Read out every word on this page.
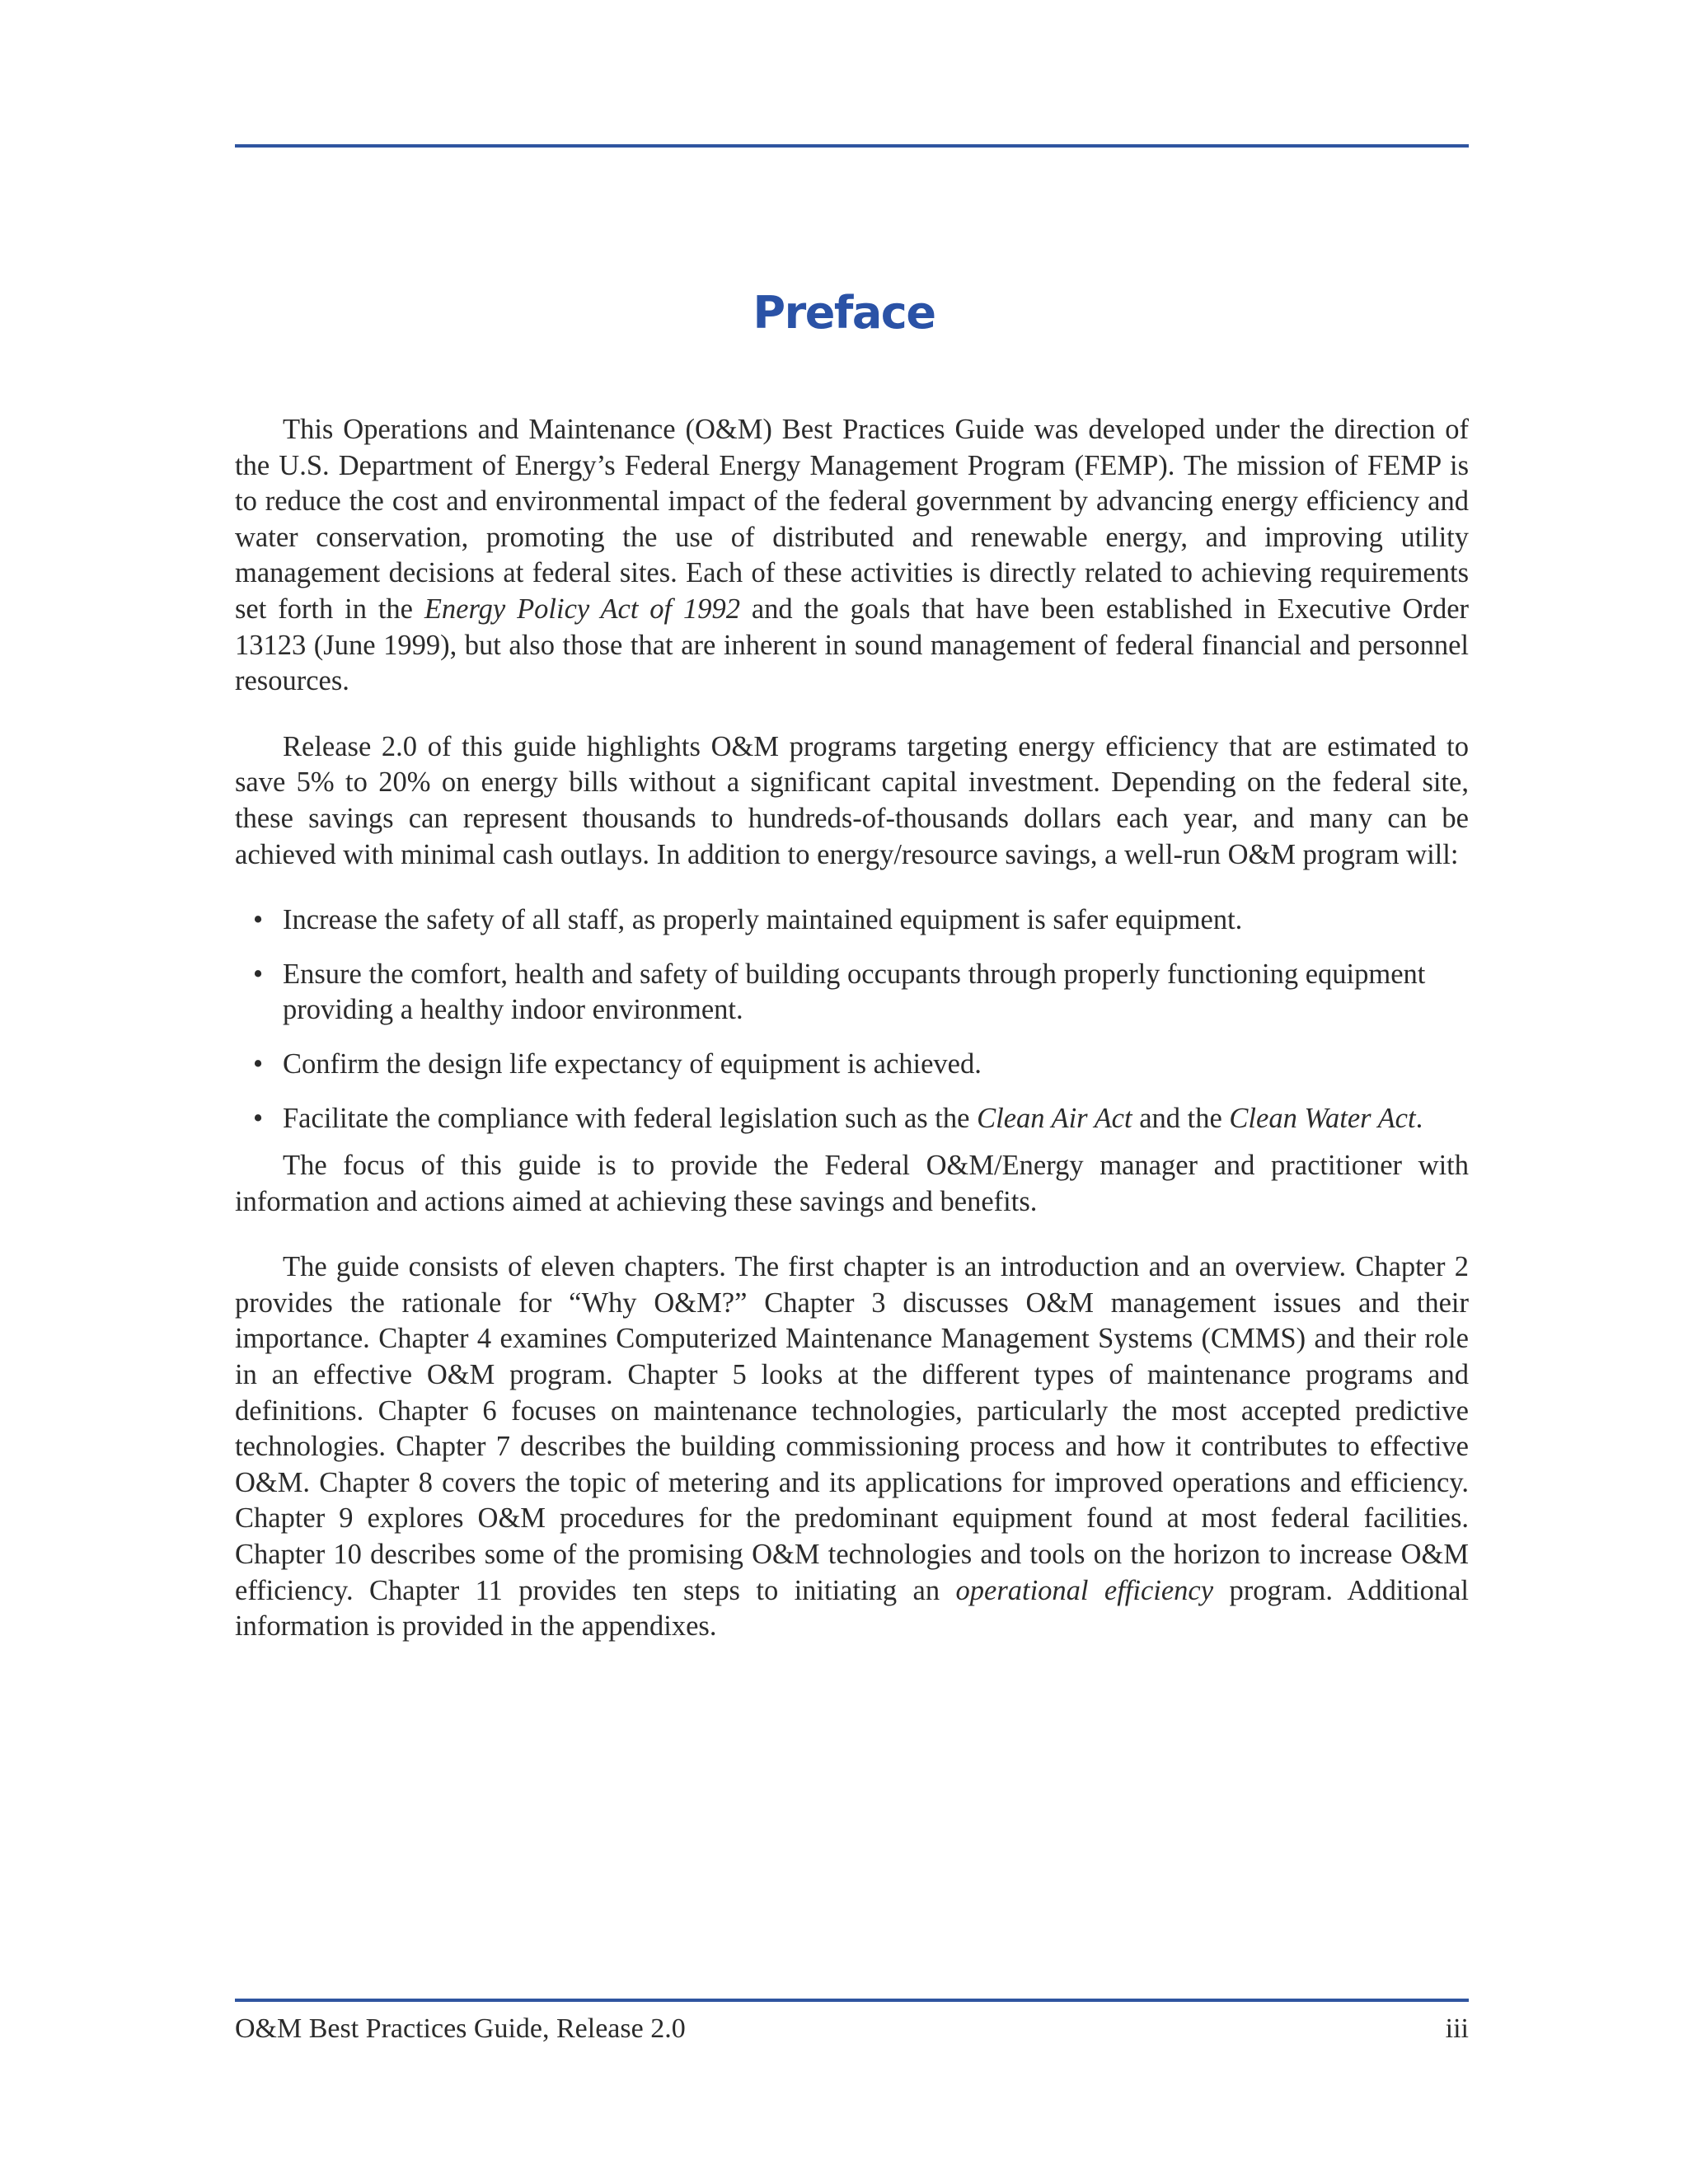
Preface

This Operations and Maintenance (O&M) Best Practices Guide was developed under the direction of the U.S. Department of Energy’s Federal Energy Management Program (FEMP). The mission of FEMP is to reduce the cost and environmental impact of the federal government by advancing energy efficiency and water conservation, promoting the use of distributed and renewable energy, and improving utility management decisions at federal sites. Each of these activities is directly related to achieving requirements set forth in the Energy Policy Act of 1992 and the goals that have been established in Executive Order 13123 (June 1999), but also those that are inherent in sound management of federal financial and personnel resources.

Release 2.0 of this guide highlights O&M programs targeting energy efficiency that are estimated to save 5% to 20% on energy bills without a significant capital investment. Depending on the federal site, these savings can represent thousands to hundreds-of-thousands dollars each year, and many can be achieved with minimal cash outlays. In addition to energy/resource savings, a well-run O&M program will:

• Increase the safety of all staff, as properly maintained equipment is safer equipment.
• Ensure the comfort, health and safety of building occupants through properly functioning equipment providing a healthy indoor environment.
• Confirm the design life expectancy of equipment is achieved.
• Facilitate the compliance with federal legislation such as the Clean Air Act and the Clean Water Act.

The focus of this guide is to provide the Federal O&M/Energy manager and practitioner with information and actions aimed at achieving these savings and benefits.

The guide consists of eleven chapters. The first chapter is an introduction and an overview. Chapter 2 provides the rationale for “Why O&M?” Chapter 3 discusses O&M management issues and their importance. Chapter 4 examines Computerized Maintenance Management Systems (CMMS) and their role in an effective O&M program. Chapter 5 looks at the different types of maintenance programs and definitions. Chapter 6 focuses on maintenance technologies, particularly the most accepted predictive technologies. Chapter 7 describes the building commissioning process and how it contributes to effective O&M. Chapter 8 covers the topic of metering and its applications for improved operations and efficiency. Chapter 9 explores O&M procedures for the predominant equipment found at most federal facilities. Chapter 10 describes some of the promising O&M technologies and tools on the horizon to increase O&M efficiency. Chapter 11 provides ten steps to initiating an operational efficiency program. Additional information is provided in the appendixes.

O&M Best Practices Guide, Release 2.0	iii
